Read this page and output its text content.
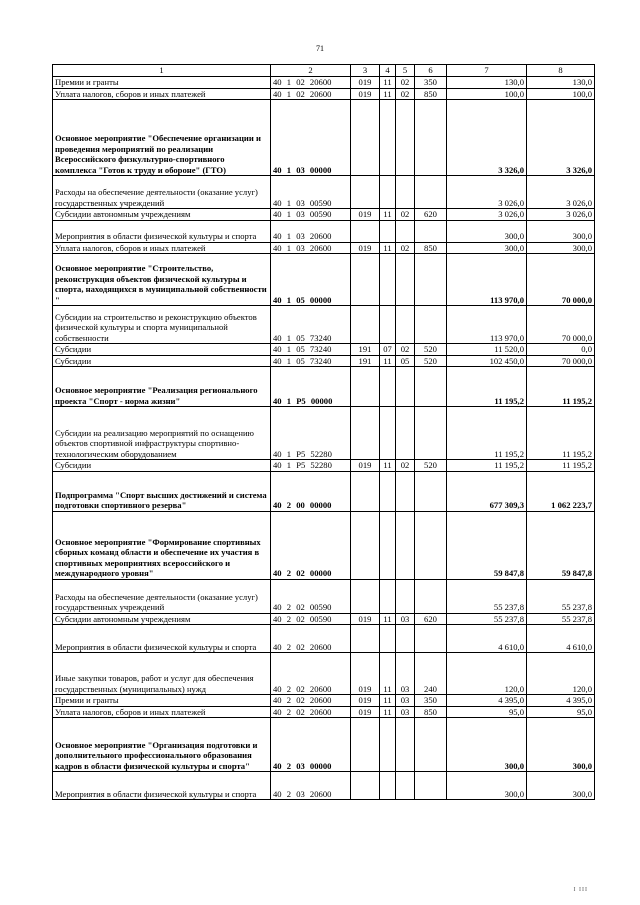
71
1	2	3	4	5	6	7	8
Премии и гранты	40 1 02 20600	019	11	02	350	130,0	130,0
Уплата налогов, сборов и иных платежей	40 1 02 20600	019	11	02	850	100,0	100,0
Основное мероприятие "Обеспечение организации и проведения мероприятий по реализации Всероссийского физкультурно-спортивного комплекса "Готов к труду и обороне" (ГТО)	40 1 03 00000					3 326,0	3 326,0
Расходы на обеспечение деятельности (оказание услуг) государственных учреждений	40 1 03 00590					3 026,0	3 026,0
Субсидии автономным учреждениям	40 1 03 00590	019	11	02	620	3 026,0	3 026,0
Мероприятия в области физической культуры и спорта	40 1 03 20600					300,0	300,0
Уплата налогов, сборов и иных платежей	40 1 03 20600	019	11	02	850	300,0	300,0
Основное мероприятие "Строительство, реконструкция объектов физической культуры и спорта, находящихся в муниципальной собственности "	40 1 05 00000					113 970,0	70 000,0
Субсидии на строительство и реконструкцию объектов физической культуры и спорта муниципальной собственности	40 1 05 73240					113 970,0	70 000,0
Субсидии	40 1 05 73240	191	07	02	520	11 520,0	0,0
Субсидии	40 1 05 73240	191	11	05	520	102 450,0	70 000,0
Основное мероприятие "Реализация регионального проекта "Спорт - норма жизни"	40 1 P5 00000					11 195,2	11 195,2
Субсидии на реализацию мероприятий по оснащению объектов спортивной инфраструктуры спортивно-технологическим оборудованием	40 1 P5 52280					11 195,2	11 195,2
Субсидии	40 1 P5 52280	019	11	02	520	11 195,2	11 195,2
Подпрограмма "Спорт высших достижений и система подготовки спортивного резерва"	40 2 00 00000					677 309,3	1 062 223,7
Основное мероприятие "Формирование спортивных сборных команд области и обеспечение их участия в спортивных мероприятиях всероссийского и международного уровня"	40 2 02 00000					59 847,8	59 847,8
Расходы на обеспечение деятельности (оказание услуг) государственных учреждений	40 2 02 00590					55 237,8	55 237,8
Субсидии автономным учреждениям	40 2 02 00590	019	11	03	620	55 237,8	55 237,8
Мероприятия в области физической культуры и спорта	40 2 02 20600					4 610,0	4 610,0
Иные закупки товаров, работ и услуг для обеспечения государственных (муниципальных) нужд	40 2 02 20600	019	11	03	240	120,0	120,0
Премии и гранты	40 2 02 20600	019	11	03	350	4 395,0	4 395,0
Уплата налогов, сборов и иных платежей	40 2 02 20600	019	11	03	850	95,0	95,0
Основное мероприятие "Организация подготовки и дополнительного профессионального образования кадров в области физической культуры и спорта"	40 2 03 00000					300,0	300,0
Мероприятия в области физической культуры и спорта	40 2 03 20600					300,0	300,0
I III
